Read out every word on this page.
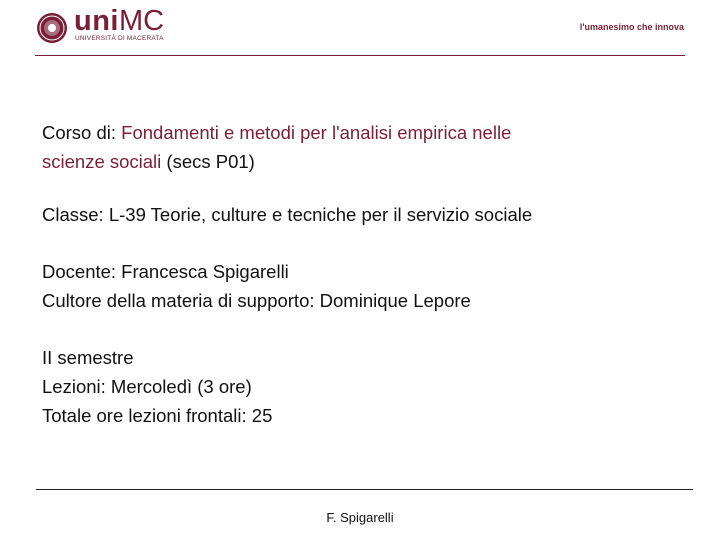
uniMC
UNIVERSITÀ DI MACERATA
l'umanesimo che innova

Corso di: Fondamenti e metodi per l'analisi empirica nelle

scienze sociali (secs P01)

Classe: L-39 Teorie, culture e tecniche per il servizio sociale

Docente: Francesca Spigarelli

Cultore della materia di supporto: Dominique Lepore

II semestre

Lezioni: Mercoledì (3 ore)

Totale ore lezioni frontali: 25

F. Spigarelli
